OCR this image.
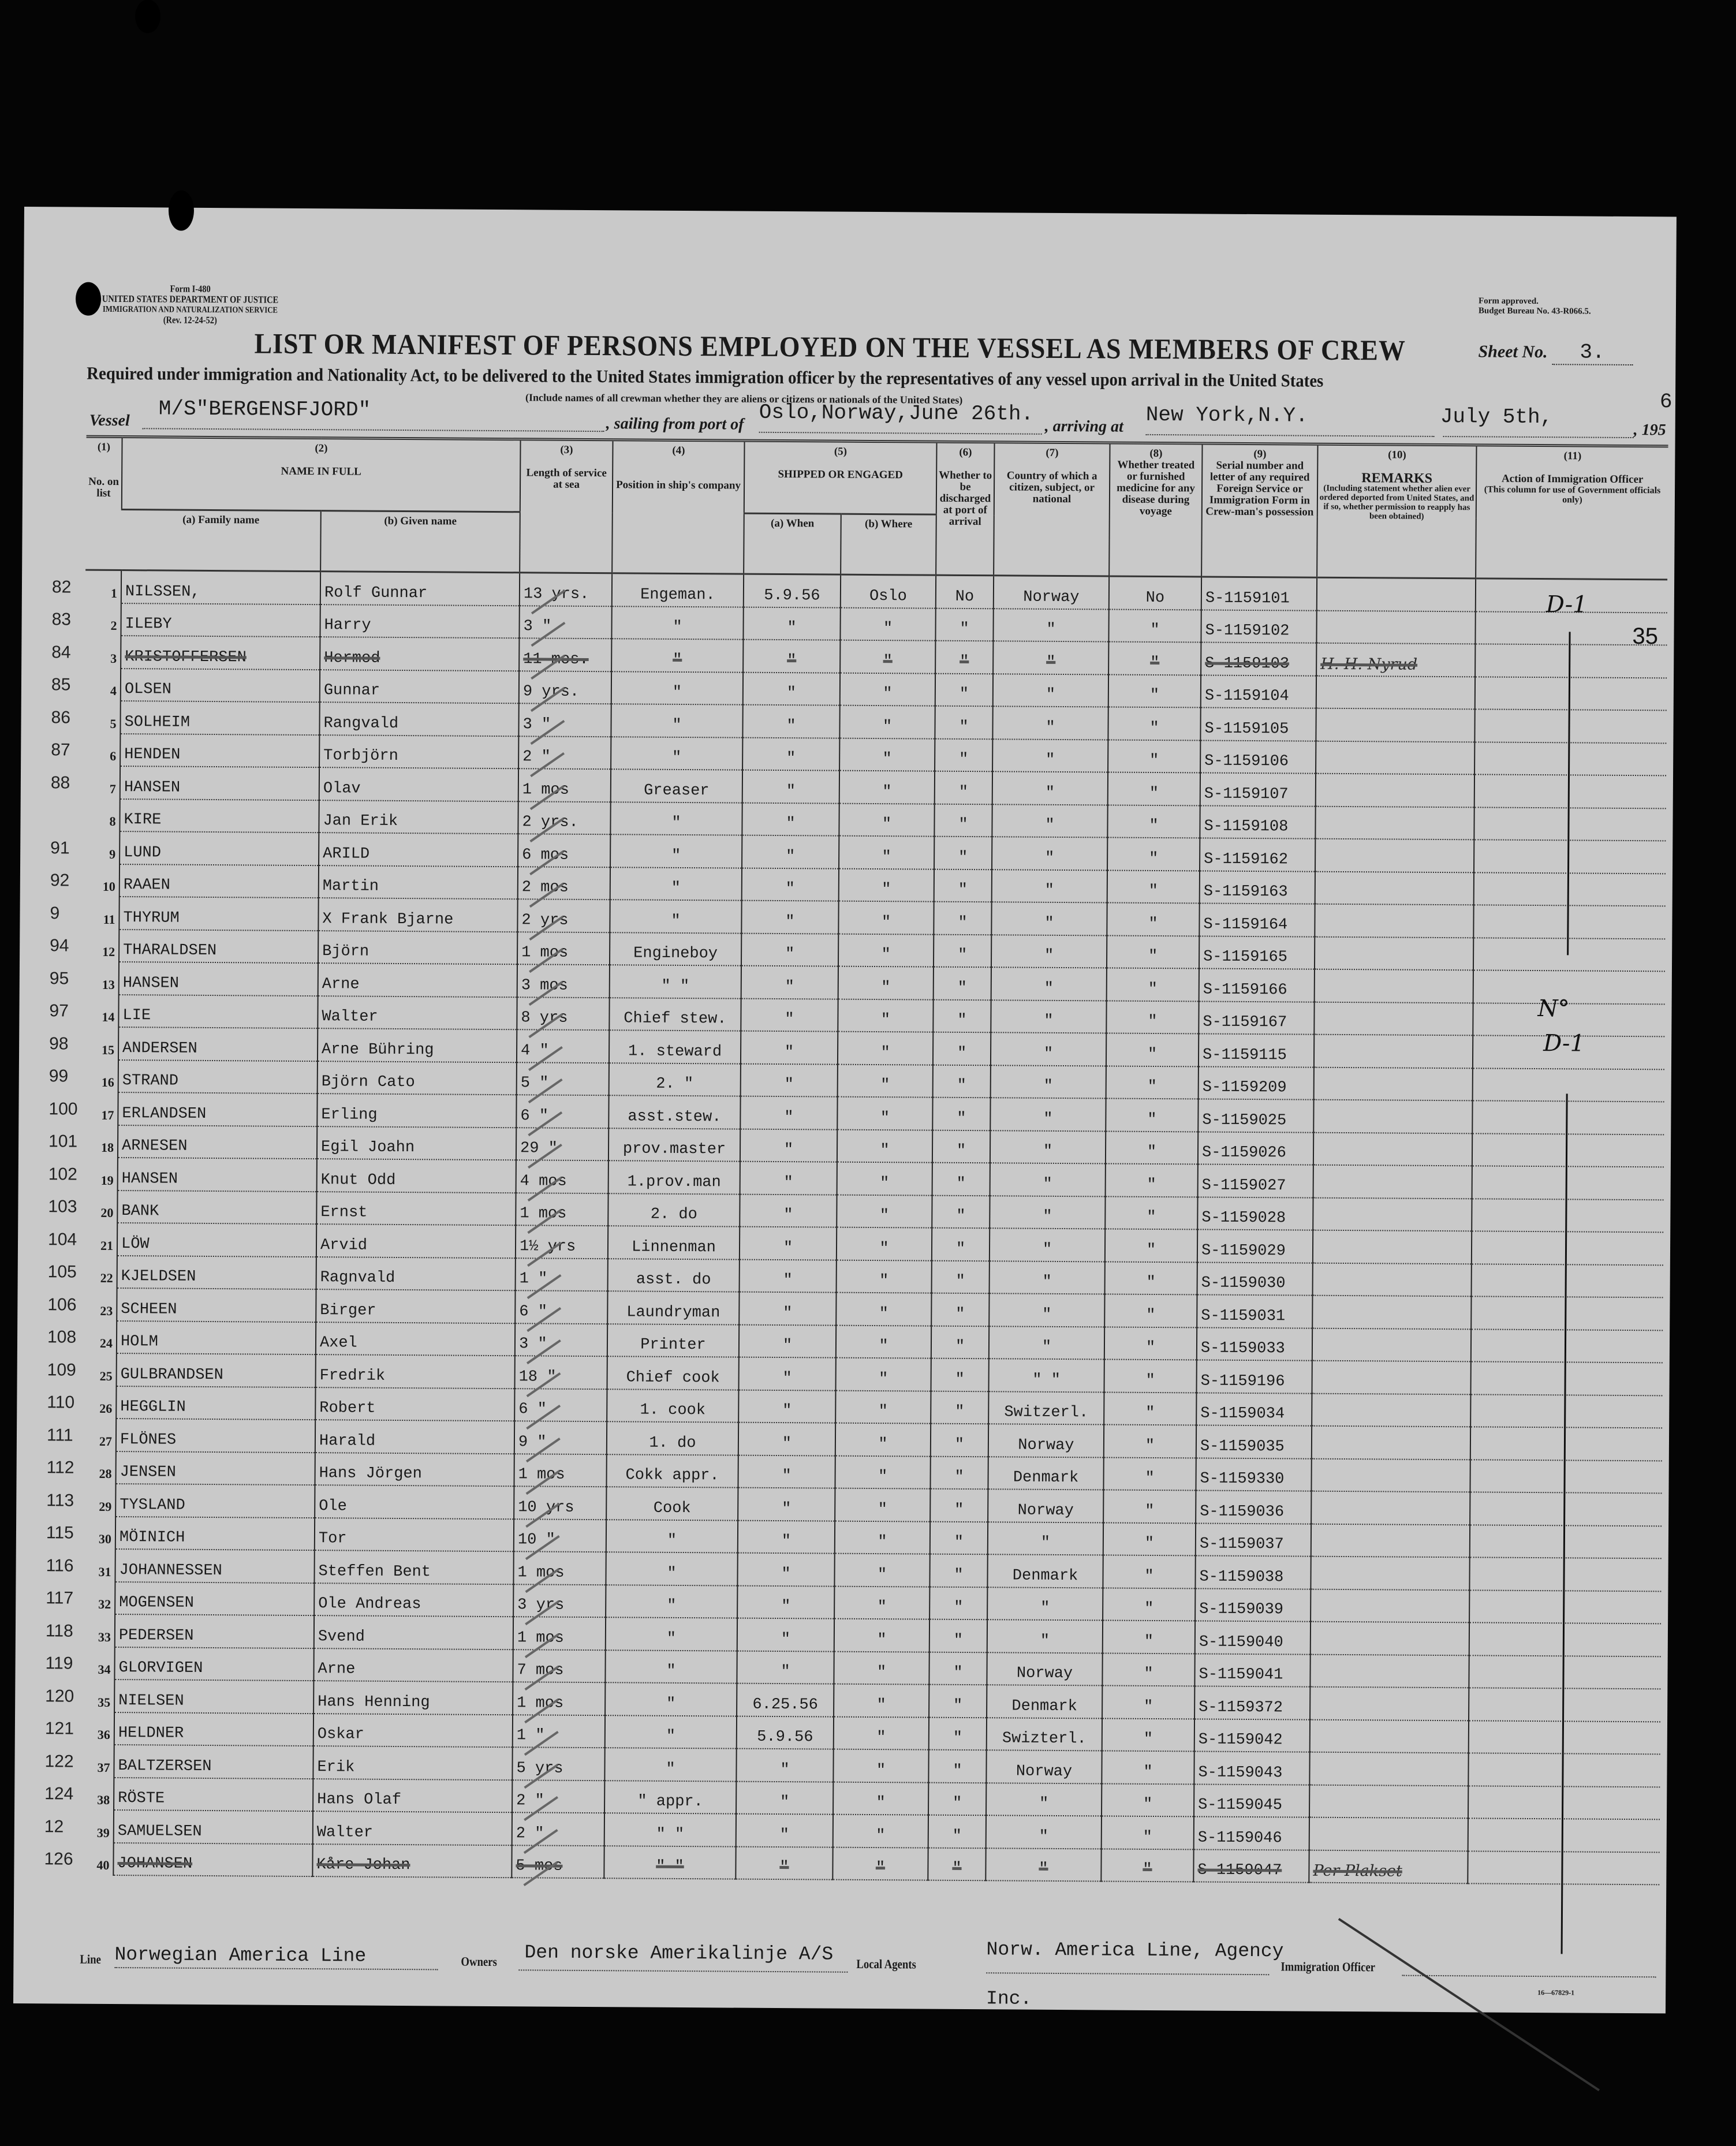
Form I-480
UNITED STATES DEPARTMENT OF JUSTICE
IMMIGRATION AND NATURALIZATION SERVICE
(Rev. 12-24-52)
Form approved.
Budget Bureau No. 43-R066.5.
LIST OR MANIFEST OF PERSONS EMPLOYED ON THE VESSEL AS MEMBERS OF CREW	Sheet No. 3.
Required under immigration and Nationality Act, to be delivered to the United States immigration officer by the representatives of any vessel upon arrival in the United States
(Include names of all crewman whether they are aliens or citizens or nationals of the United States)
Vessel M/S"BERGENSFJORD"
, sailing from port of Oslo,Norway,June 26th.
, arriving at New York,N.Y.	July 5th,
, 195
6
(1)

No. on list

(2)

NAME IN FULL

(3)

Length of service at sea

(4)

Position in ship's company

(5)

SHIPPED OR ENGAGED

(6)

Whether to be discharged at port of arrival

(7)

Country of which a citizen, subject, or national

(8)
Whether treated or furnished medicine for any disease during voyage

(9)
Serial number and letter of any required Foreign Service or Immigration Form in Crew-man's possession

(10)

REMARKS
(Including statement whether alien ever ordered deported from United States, and if so, whether permission to reapply has been obtained)

(11)

Action of Immigration Officer
(This column for use of Government officials only)

	(a) Family name	(b) Given name			(a) When	(b) Where						

82 1	NILSSEN,	Rolf Gunnar	13 yrs.	Engeman.	5.9.56	Oslo	No	Norway	No	S-1159101		

83 2	ILEBY	Harry	3 "	"	"	"	"	"	"	S-1159102		

84 3	KRISTOFFERSEN	Hermod	11 mos.	"	"	"	"	"	"	S-1159103	H. H. Nyrud	

85 4	OLSEN	Gunnar	9 yrs.	"	"	"	"	"	"	S-1159104		

86 5	SOLHEIM	Rangvald	3 "	"	"	"	"	"	"	S-1159105		

87 6	HENDEN	Torbjörn	2 "	"	"	"	"	"	"	S-1159106		

88 7	HANSEN	Olav	1 mos	Greaser	"	"	"	"	"	S-1159107		

8	KIRE	Jan Erik	2 yrs.	"	"	"	"	"	"	S-1159108		

91 9	LUND	ARILD	6 mos	"	"	"	"	"	"	S-1159162		

92 10	RAAEN	Martin	2 mos	"	"	"	"	"	"	S-1159163		

9 11	THYRUM	X Frank Bjarne	2 yrs	"	"	"	"	"	"	S-1159164		

94 12	THARALDSEN	Björn	1 mos	Engineboy	"	"	"	"	"	S-1159165		

95 13	HANSEN	Arne	3 mos	" "	"	"	"	"	"	S-1159166		

97 14	LIE	Walter	8 yrs	Chief stew.	"	"	"	"	"	S-1159167		

98 15	ANDERSEN	Arne Bühring	4 "	1. steward	"	"	"	"	"	S-1159115		

99 16	STRAND	Björn Cato	5 "	2. "	"	"	"	"	"	S-1159209		

100 17	ERLANDSEN	Erling	6 "	asst.stew.	"	"	"	"	"	S-1159025		

101 18	ARNESEN	Egil Joahn	29 "	prov.master	"	"	"	"	"	S-1159026		

102 19	HANSEN	Knut Odd	4 mos	1.prov.man	"	"	"	"	"	S-1159027		

103 20	BANK	Ernst	1 mos	2. do	"	"	"	"	"	S-1159028		

104 21	LÖW	Arvid	1½ yrs	Linnenman	"	"	"	"	"	S-1159029		

105 22	KJELDSEN	Ragnvald	1 "	asst. do	"	"	"	"	"	S-1159030		

106 23	SCHEEN	Birger	6 "	Laundryman	"	"	"	"	"	S-1159031		

108 24	HOLM	Axel	3 "	Printer	"	"	"	"	"	S-1159033		

109 25	GULBRANDSEN	Fredrik	18 "	Chief cook	"	"	"	" "	"	S-1159196		

110 26	HEGGLIN	Robert	6 "	1. cook	"	"	"	Switzerl.	"	S-1159034		

111 27	FLÖNES	Harald	9 "	1. do	"	"	"	Norway	"	S-1159035		

112 28	JENSEN	Hans Jörgen	1 mos	Cokk appr.	"	"	"	Denmark	"	S-1159330		

113 29	TYSLAND	Ole	10 yrs	Cook	"	"	"	Norway	"	S-1159036		

115 30	MÖINICH	Tor	10 "	"	"	"	"	"	"	S-1159037		

116 31	JOHANNESSEN	Steffen Bent	1 mos	"	"	"	"	Denmark	"	S-1159038		

117 32	MOGENSEN	Ole Andreas	3 yrs	"	"	"	"	"	"	S-1159039		

118 33	PEDERSEN	Svend	1 mos	"	"	"	"	"	"	S-1159040		

119 34	GLORVIGEN	Arne	7 mos	"	"	"	"	Norway	"	S-1159041		

120 35	NIELSEN	Hans Henning	1 mos	"	6.25.56	"	"	Denmark	"	S-1159372		

121 36	HELDNER	Oskar	1 "	"	5.9.56	"	"	Swizterl.	"	S-1159042		

122 37	BALTZERSEN	Erik	5 yrs	"	"	"	"	Norway	"	S-1159043		

124 38	RÖSTE	Hans Olaf	2 "	" appr.	"	"	"	"	"	S-1159045		

12 39	SAMUELSEN	Walter	2 "	" "	"	"	"	"	"	S-1159046		

126 40	JOHANSEN	Kåre Johan	5 mos	" "	"	"	"	"	"	S-1159047	Per Plakset	
D-1
35
N°
D-1
Line Norwegian America Line	Owners Den norske Amerikalinje A/S Local Agents
Norw. America Line, Agency
Inc.
Immigration Officer
16—67829-1
